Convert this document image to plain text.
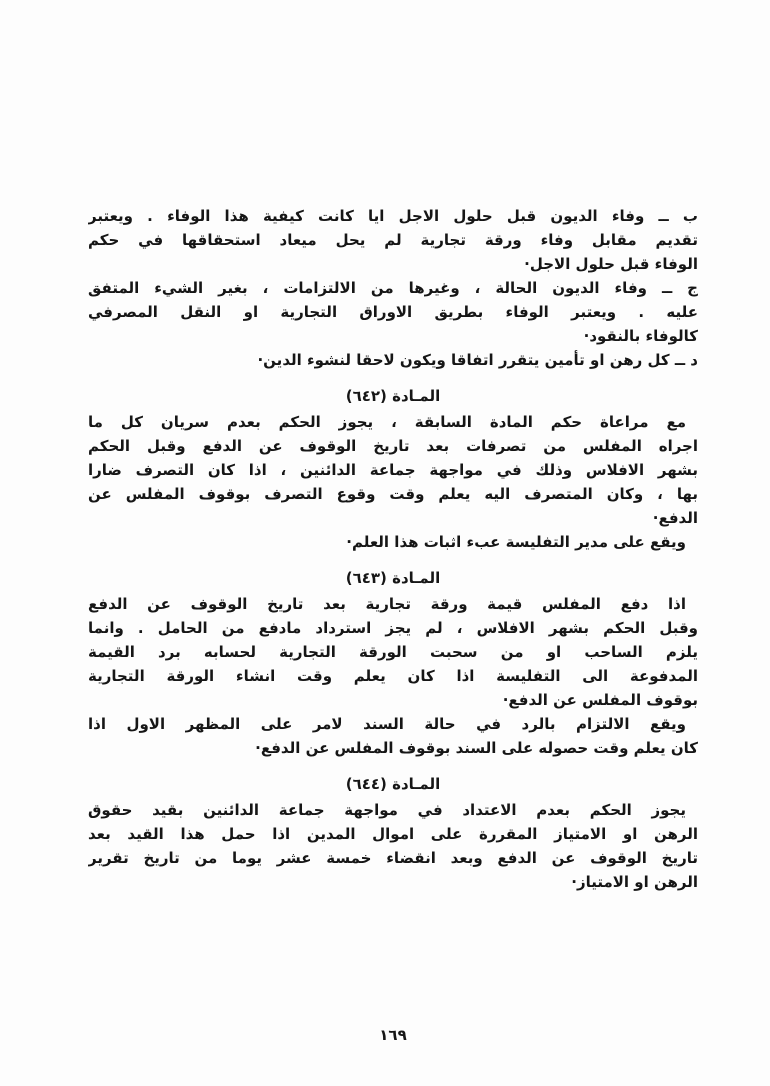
ب ــ وفاء الديون قبل حلول الاجل ايا كانت كيفية هذا الوفاء . ويعتبر
تقديم مقابل وفاء ورقة تجارية لم يحل ميعاد استحقاقها في حكم
الوفاء قبل حلول الاجل·
ج ــ وفاء الديون الحالة ، وغيرها من الالتزامات ، بغير الشيء المتفق
عليه . ويعتبر الوفاء بطريق الاوراق التجارية او النقل المصرفي
كالوفاء بالنقود·
د ــ كل رهن او تأمين يتقرر اتفاقا ويكون لاحقا لنشوء الدين·
المـادة (٦٤٢)
مع مراعاة حكم المادة السابقة ، يجوز الحكم بعدم سريان كل ما
اجراه المفلس من تصرفات بعد تاريخ الوقوف عن الدفع وقبل الحكم
بشهر الافلاس وذلك في مواجهة جماعة الدائنين ، اذا كان التصرف ضارا
بها ، وكان المتصرف اليه يعلم وقت وقوع التصرف بوقوف المفلس عن
الدفع·
ويقع على مدير التفليسة عبء اثبات هذا العلم·
المـادة (٦٤٣)
اذا دفع المفلس قيمة ورقة تجارية بعد تاريخ الوقوف عن الدفع
وقبل الحكم بشهر الافلاس ، لم يجز استرداد مادفع من الحامل . وانما
يلزم الساحب او من سحبت الورقة التجارية لحسابه برد القيمة
المدفوعة الى التفليسة اذا كان يعلم وقت انشاء الورقة التجارية
بوقوف المفلس عن الدفع·
ويقع الالتزام بالرد في حالة السند لامر على المظهر الاول اذا
كان يعلم وقت حصوله على السند بوقوف المفلس عن الدفع·
المـادة (٦٤٤)
يجوز الحكم بعدم الاعتداد في مواجهة جماعة الدائنين بقيد حقوق
الرهن او الامتياز المقررة على اموال المدين اذا حمل هذا القيد بعد
تاريخ الوقوف عن الدفع وبعد انقضاء خمسة عشر يوما من تاريخ تقرير
الرهن او الامتياز·
١٦٩
